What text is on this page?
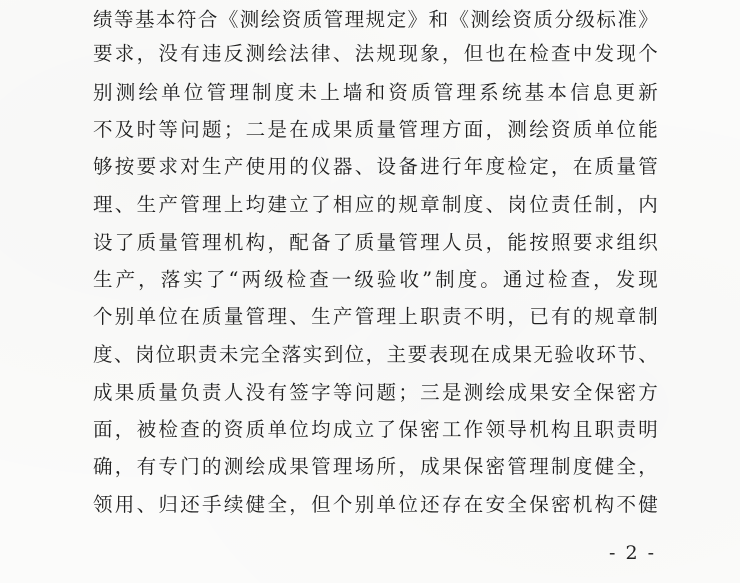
绩等基本符合《测绘资质管理规定》和《测绘资质分级标准》
要求，没有违反测绘法律、法规现象，但也在检查中发现个
别测绘单位管理制度未上墙和资质管理系统基本信息更新
不及时等问题；二是在成果质量管理方面，测绘资质单位能
够按要求对生产使用的仪器、设备进行年度检定，在质量管
理、生产管理上均建立了相应的规章制度、岗位责任制，内
设了质量管理机构，配备了质量管理人员，能按照要求组织
生产，落实了“两级检查一级验收”制度。通过检查，发现
个别单位在质量管理、生产管理上职责不明，已有的规章制
度、岗位职责未完全落实到位，主要表现在成果无验收环节、
成果质量负责人没有签字等问题；三是测绘成果安全保密方
面，被检查的资质单位均成立了保密工作领导机构且职责明
确，有专门的测绘成果管理场所，成果保密管理制度健全，
领用、归还手续健全，但个别单位还存在安全保密机构不健
- 2 -
